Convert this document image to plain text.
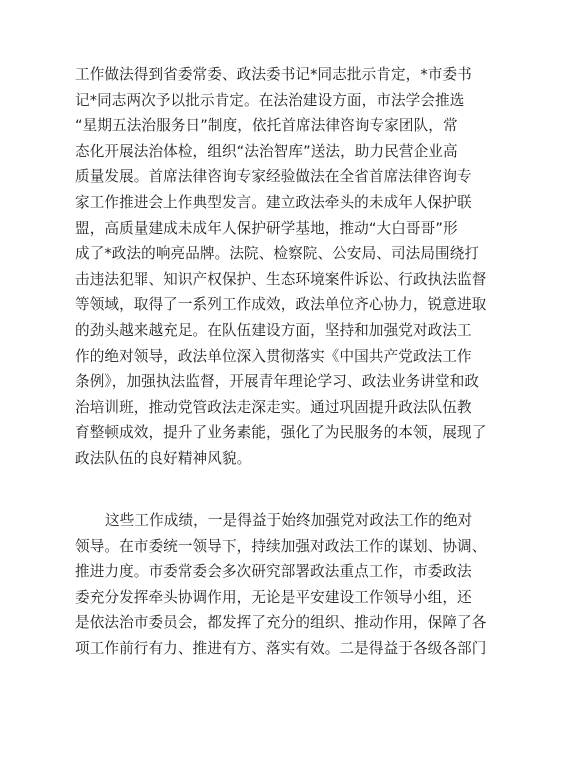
工作做法得到省委常委、政法委书记*同志批示肯定，*市委书
记*同志两次予以批示肯定。在法治建设方面，市法学会推选
“星期五法治服务日”制度，依托首席法律咨询专家团队，常
态化开展法治体检，组织“法治智库”送法，助力民营企业高
质量发展。首席法律咨询专家经验做法在全省首席法律咨询专
家工作推进会上作典型发言。建立政法牵头的未成年人保护联
盟，高质量建成未成年人保护研学基地，推动“大白哥哥”形
成了*政法的响亮品牌。法院、检察院、公安局、司法局围绕打
击违法犯罪、知识产权保护、生态环境案件诉讼、行政执法监督
等领域，取得了一系列工作成效，政法单位齐心协力，锐意进取
的劲头越来越充足。在队伍建设方面，坚持和加强党对政法工
作的绝对领导，政法单位深入贯彻落实《中国共产党政法工作
条例》，加强执法监督，开展青年理论学习、政法业务讲堂和政
治培训班，推动党管政法走深走实。通过巩固提升政法队伍教
育整顿成效，提升了业务素能，强化了为民服务的本领，展现了
政法队伍的良好精神风貌。
这些工作成绩，一是得益于始终加强党对政法工作的绝对
领导。在市委统一领导下，持续加强对政法工作的谋划、协调、
推进力度。市委常委会多次研究部署政法重点工作，市委政法
委充分发挥牵头协调作用，无论是平安建设工作领导小组，还
是依法治市委员会，都发挥了充分的组织、推动作用，保障了各
项工作前行有力、推进有方、落实有效。二是得益于各级各部门
